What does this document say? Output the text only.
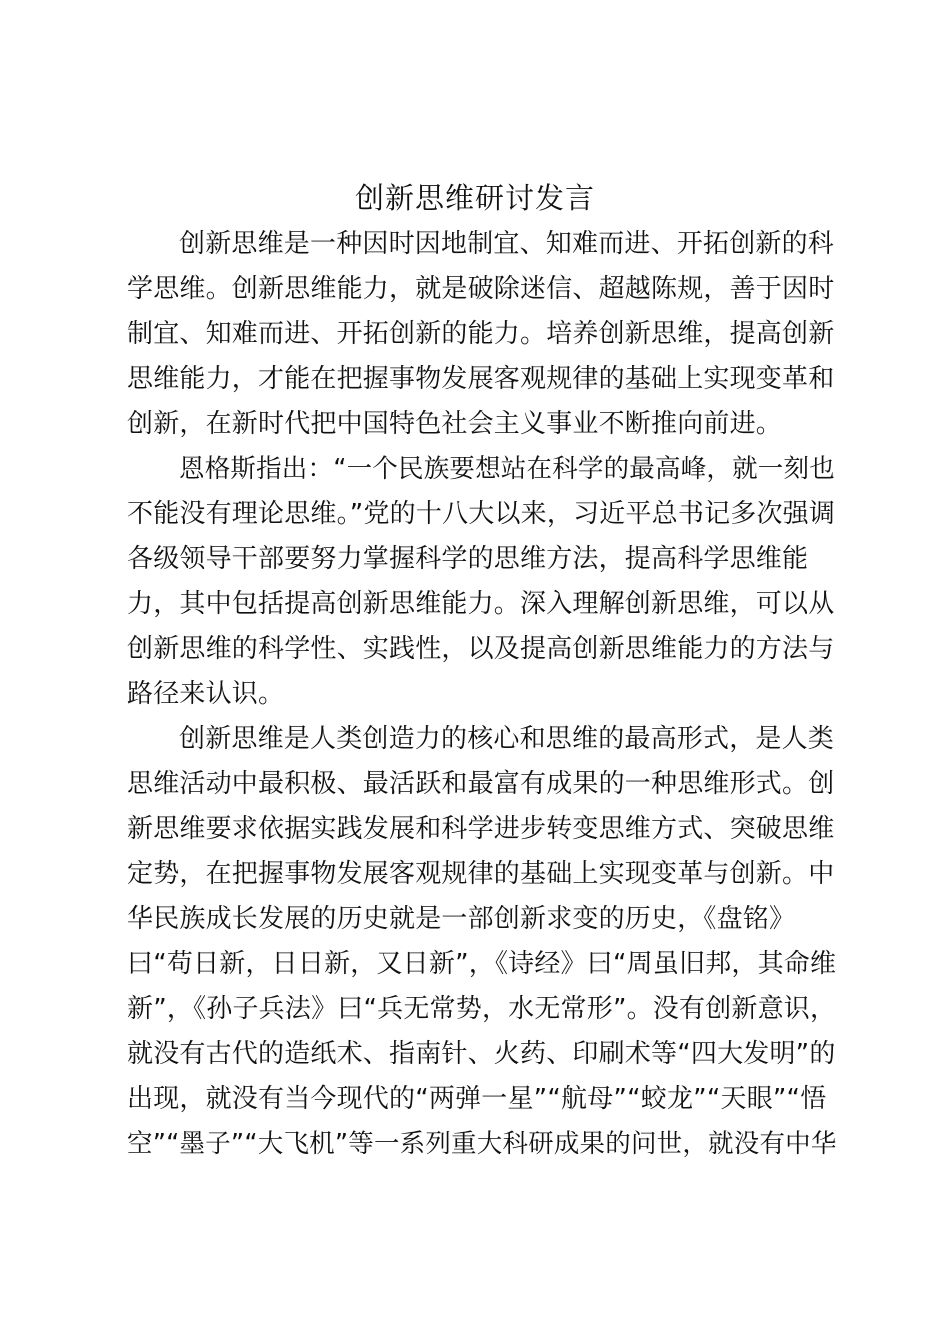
创新思维研讨发言
创新思维是一种因时因地制宜、知难而进、开拓创新的科
学思维。创新思维能力，就是破除迷信、超越陈规，善于因时
制宜、知难而进、开拓创新的能力。培养创新思维，提高创新
思维能力，才能在把握事物发展客观规律的基础上实现变革和
创新，在新时代把中国特色社会主义事业不断推向前进。
恩格斯指出：“一个民族要想站在科学的最高峰，就一刻也
不能没有理论思维。”党的十八大以来，习近平总书记多次强调
各级领导干部要努力掌握科学的思维方法，提高科学思维能
力，其中包括提高创新思维能力。深入理解创新思维，可以从
创新思维的科学性、实践性，以及提高创新思维能力的方法与
路径来认识。
创新思维是人类创造力的核心和思维的最高形式，是人类
思维活动中最积极、最活跃和最富有成果的一种思维形式。创
新思维要求依据实践发展和科学进步转变思维方式、突破思维
定势，在把握事物发展客观规律的基础上实现变革与创新。中
华民族成长发展的历史就是一部创新求变的历史，《盘铭》
曰“苟日新，日日新，又日新”，《诗经》曰“周虽旧邦，其命维
新”，《孙子兵法》曰“兵无常势，水无常形”。没有创新意识，
就没有古代的造纸术、指南针、火药、印刷术等“四大发明”的
出现，就没有当今现代的“两弹一星”“航母”“蛟龙”“天眼”“悟
空”“墨子”“大飞机”等一系列重大科研成果的问世，就没有中华
